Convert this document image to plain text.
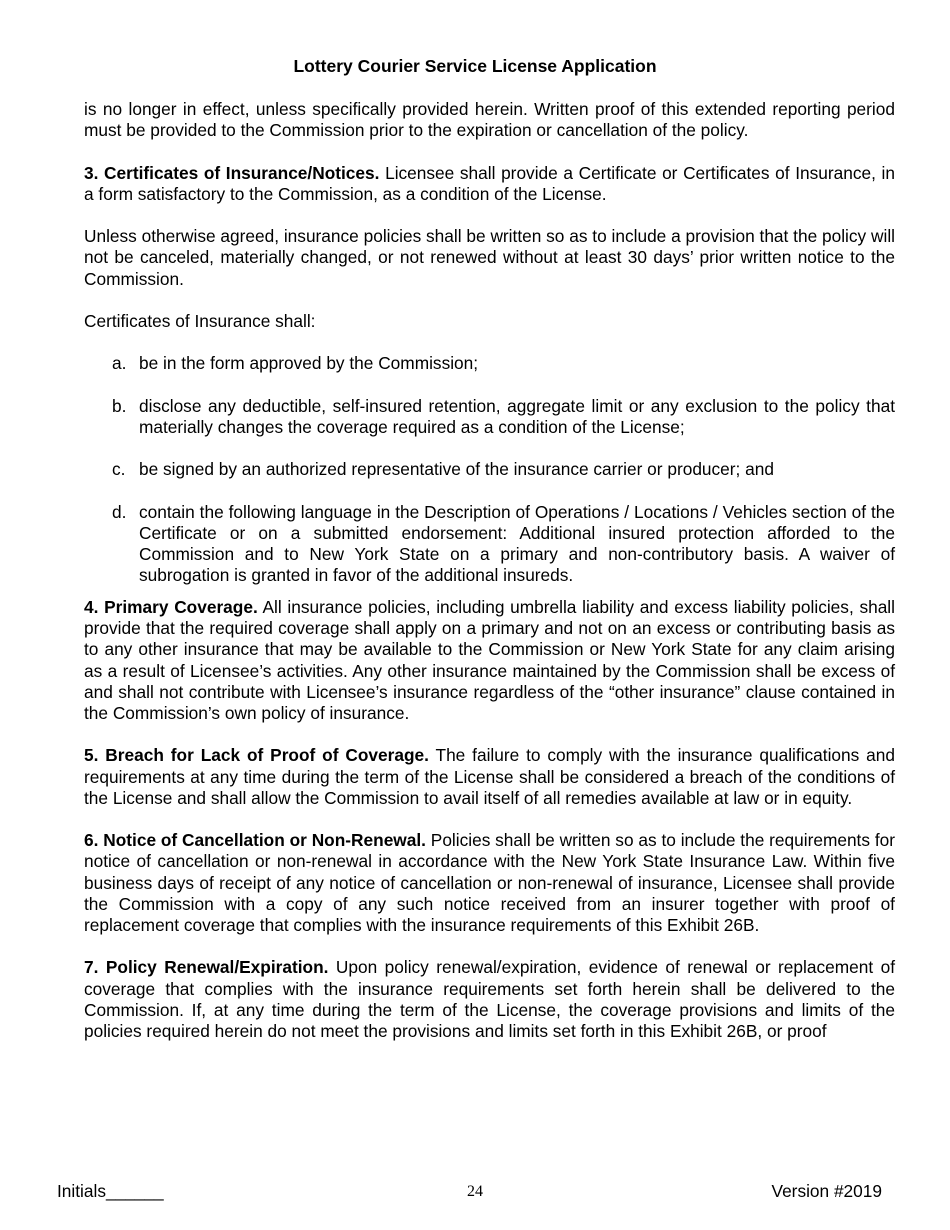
Lottery Courier Service License Application

is no longer in effect, unless specifically provided herein. Written proof of this extended reporting period must be provided to the Commission prior to the expiration or cancellation of the policy.

3. Certificates of Insurance/Notices. Licensee shall provide a Certificate or Certificates of Insurance, in a form satisfactory to the Commission, as a condition of the License.

Unless otherwise agreed, insurance policies shall be written so as to include a provision that the policy will not be canceled, materially changed, or not renewed without at least 30 days’ prior written notice to the Commission.

Certificates of Insurance shall:

a. be in the form approved by the Commission;
b. disclose any deductible, self-insured retention, aggregate limit or any exclusion to the policy that materially changes the coverage required as a condition of the License;
c. be signed by an authorized representative of the insurance carrier or producer; and
d. contain the following language in the Description of Operations / Locations / Vehicles section of the Certificate or on a submitted endorsement: Additional insured protection afforded to the Commission and to New York State on a primary and non-contributory basis. A waiver of subrogation is granted in favor of the additional insureds.

4. Primary Coverage. All insurance policies, including umbrella liability and excess liability policies, shall provide that the required coverage shall apply on a primary and not on an excess or contributing basis as to any other insurance that may be available to the Commission or New York State for any claim arising as a result of Licensee’s activities. Any other insurance maintained by the Commission shall be excess of and shall not contribute with Licensee’s insurance regardless of the “other insurance” clause contained in the Commission’s own policy of insurance.

5. Breach for Lack of Proof of Coverage. The failure to comply with the insurance qualifications and requirements at any time during the term of the License shall be considered a breach of the conditions of the License and shall allow the Commission to avail itself of all remedies available at law or in equity.

6. Notice of Cancellation or Non-Renewal. Policies shall be written so as to include the requirements for notice of cancellation or non-renewal in accordance with the New York State Insurance Law. Within five business days of receipt of any notice of cancellation or non-renewal of insurance, Licensee shall provide the Commission with a copy of any such notice received from an insurer together with proof of replacement coverage that complies with the insurance requirements of this Exhibit 26B.

7. Policy Renewal/Expiration. Upon policy renewal/expiration, evidence of renewal or replacement of coverage that complies with the insurance requirements set forth herein shall be delivered to the Commission. If, at any time during the term of the License, the coverage provisions and limits of the policies required herein do not meet the provisions and limits set forth in this Exhibit 26B, or proof

Initials______	24	Version #2019
